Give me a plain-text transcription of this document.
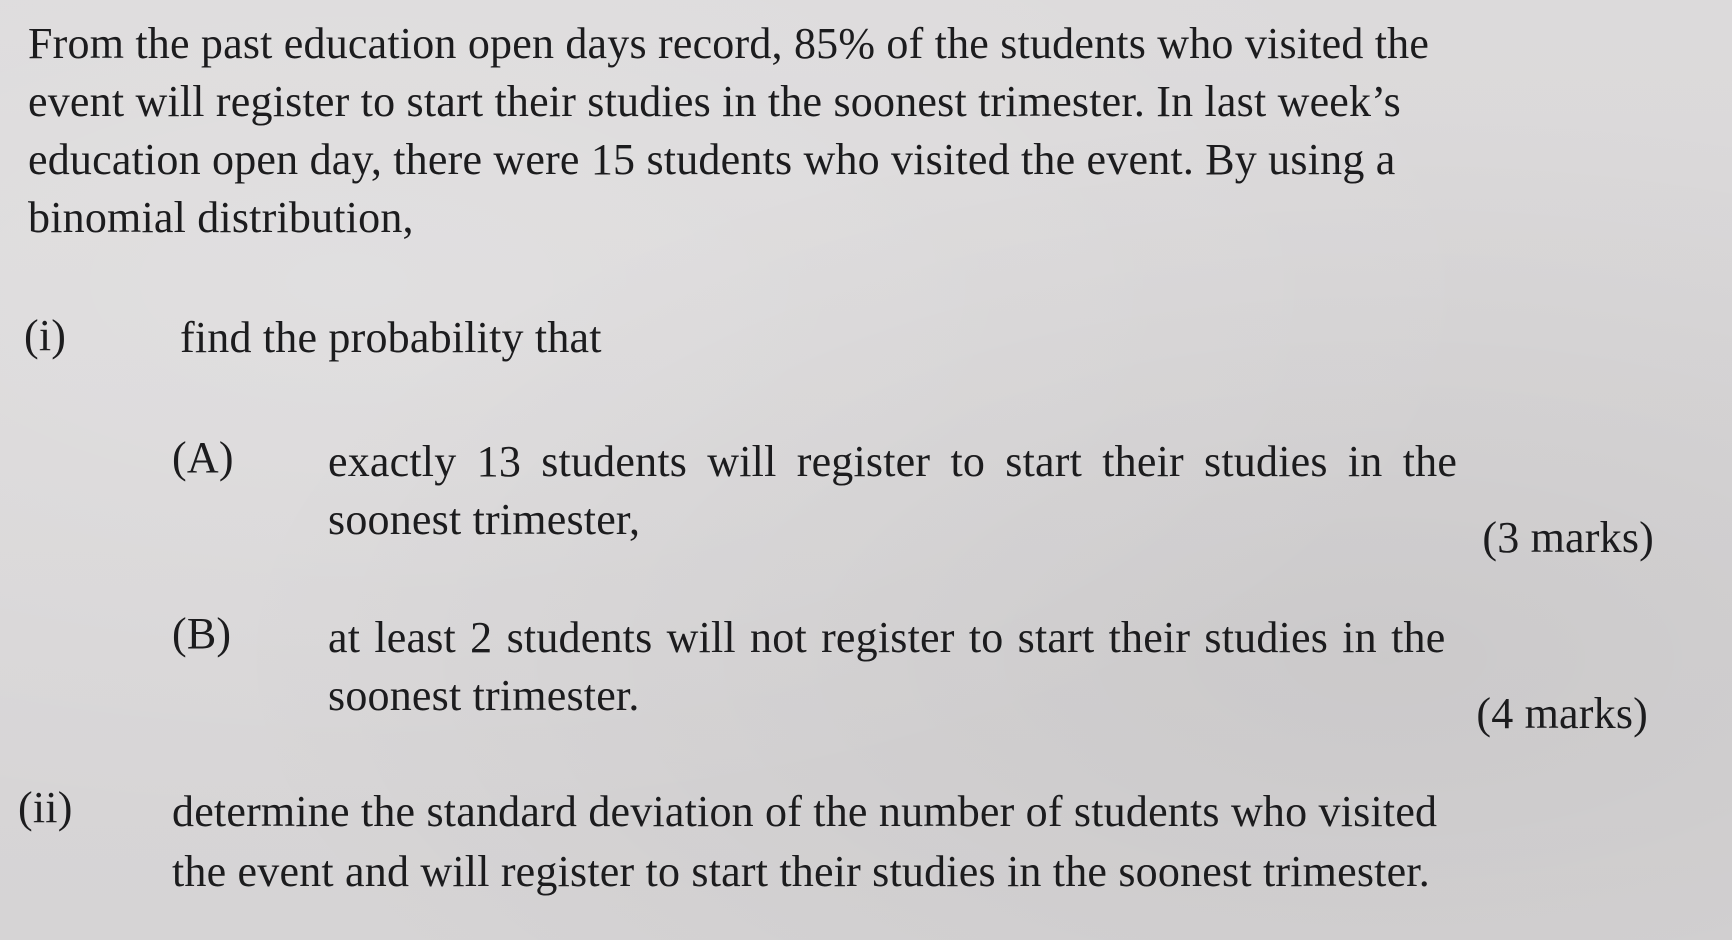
From the past education open days record, 85% of the students who visited the
event will register to start their studies in the soonest trimester. In last week’s
education open day, there were 15 students who visited the event. By using a
binomial distribution,
(i)	find the probability that
(A) exactly 13 students will register to start their studies in the
soonest trimester,	(3 marks)
(B) at least 2 students will not register to start their studies in the
soonest trimester.	(4 marks)
(ii) determine the standard deviation of the number of students who visited
the event and will register to start their studies in the soonest trimester.
